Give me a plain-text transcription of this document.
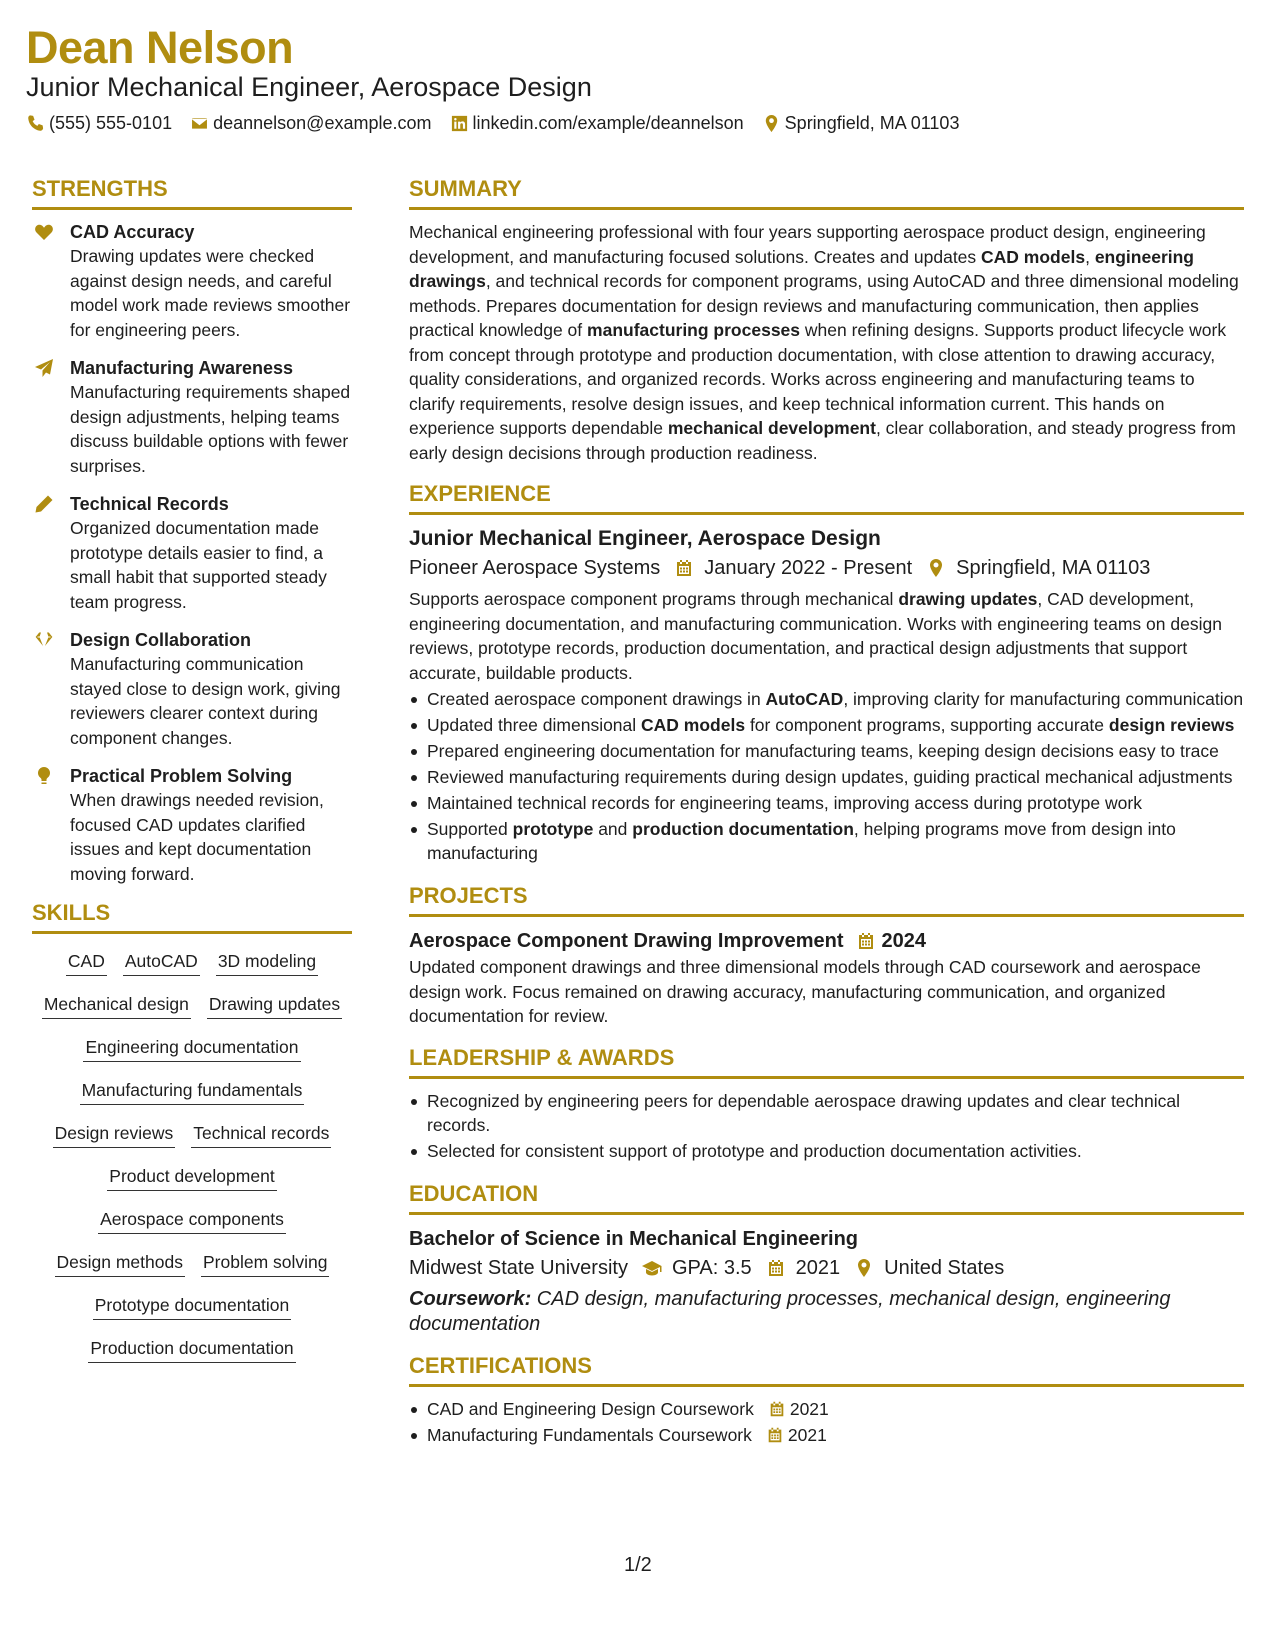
Dean Nelson
Junior Mechanical Engineer, Aerospace Design
(555) 555-0101 deannelson@example.com linkedin.com/example/deannelson Springfield, MA 01103
STRENGTHS
CAD Accuracy
Drawing updates were checked against design needs, and careful model work made reviews smoother for engineering peers.
Manufacturing Awareness
Manufacturing requirements shaped design adjustments, helping teams discuss buildable options with fewer surprises.
Technical Records
Organized documentation made prototype details easier to find, a small habit that supported steady team progress.
Design Collaboration
Manufacturing communication stayed close to design work, giving reviewers clearer context during component changes.
Practical Problem Solving
When drawings needed revision, focused CAD updates clarified issues and kept documentation moving forward.
SKILLS
CAD AutoCAD 3D modeling
Mechanical design Drawing updates
Engineering documentation
Manufacturing fundamentals
Design reviews Technical records
Product development
Aerospace components
Design methods Problem solving
Prototype documentation
Production documentation
SUMMARY
Mechanical engineering professional with four years supporting aerospace product design, engineering development, and manufacturing focused solutions. Creates and updates CAD models, engineering drawings, and technical records for component programs, using AutoCAD and three dimensional modeling methods. Prepares documentation for design reviews and manufacturing communication, then applies practical knowledge of manufacturing processes when refining designs. Supports product lifecycle work from concept through prototype and production documentation, with close attention to drawing accuracy, quality considerations, and organized records. Works across engineering and manufacturing teams to clarify requirements, resolve design issues, and keep technical information current. This hands on experience supports dependable mechanical development, clear collaboration, and steady progress from early design decisions through production readiness.
EXPERIENCE
Junior Mechanical Engineer, Aerospace Design
Pioneer Aerospace Systems January 2022 - Present Springfield, MA 01103
Supports aerospace component programs through mechanical drawing updates, CAD development, engineering documentation, and manufacturing communication. Works with engineering teams on design reviews, prototype records, production documentation, and practical design adjustments that support accurate, buildable products.
Created aerospace component drawings in AutoCAD, improving clarity for manufacturing communication
Updated three dimensional CAD models for component programs, supporting accurate design reviews
Prepared engineering documentation for manufacturing teams, keeping design decisions easy to trace
Reviewed manufacturing requirements during design updates, guiding practical mechanical adjustments
Maintained technical records for engineering teams, improving access during prototype work
Supported prototype and production documentation, helping programs move from design into manufacturing
PROJECTS
Aerospace Component Drawing Improvement 2024
Updated component drawings and three dimensional models through CAD coursework and aerospace design work. Focus remained on drawing accuracy, manufacturing communication, and organized documentation for review.
LEADERSHIP & AWARDS
Recognized by engineering peers for dependable aerospace drawing updates and clear technical records.
Selected for consistent support of prototype and production documentation activities.
EDUCATION
Bachelor of Science in Mechanical Engineering
Midwest State University GPA: 3.5 2021 United States
Coursework: CAD design, manufacturing processes, mechanical design, engineering documentation
CERTIFICATIONS
CAD and Engineering Design Coursework 2021
Manufacturing Fundamentals Coursework 2021
1/2
